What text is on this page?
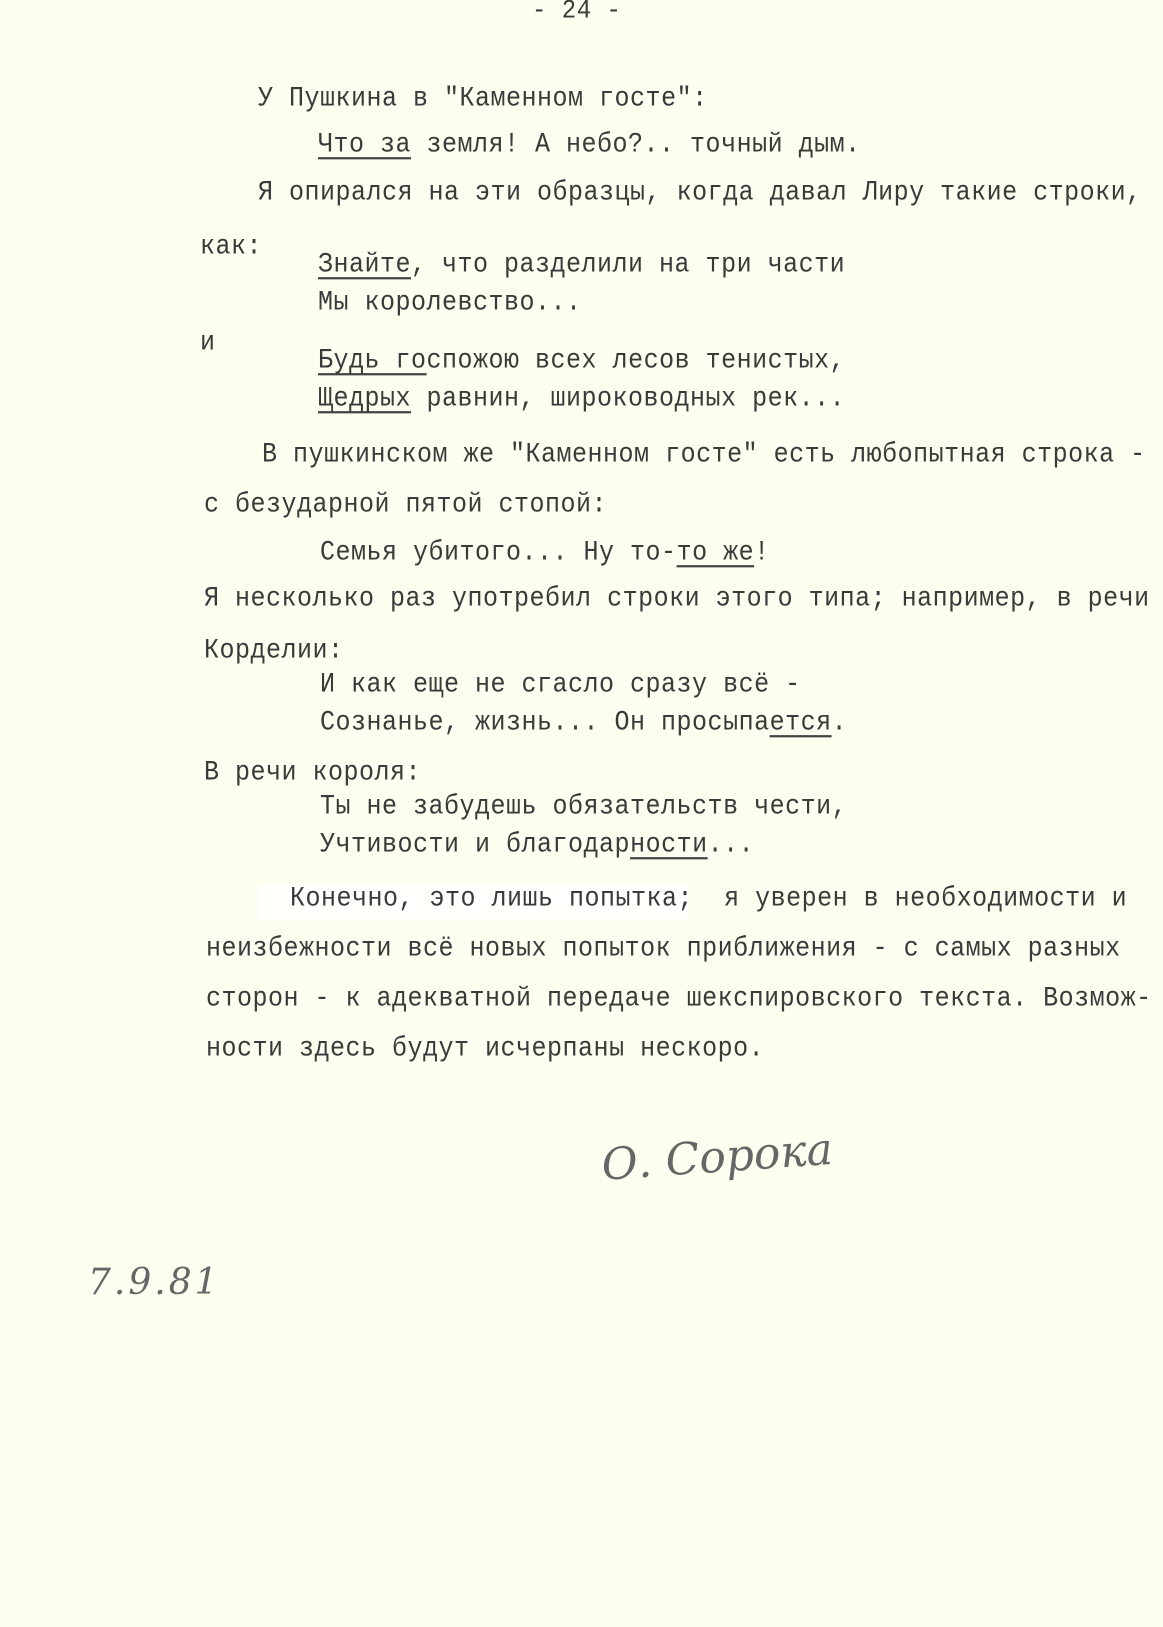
- 24 -
У Пушкина в "Каменном госте":
Что за земля! А небо?.. точный дым.
Я опирался на эти образцы, когда давал Лиру такие строки,
как:
Знайте, что разделили на три части
Мы королевство...
и
Будь госпожою всех лесов тенистых,
Щедрых равнин, широководных рек...
В пушкинском же "Каменном госте" есть любопытная строка -
с безударной пятой стопой:
Семья убитого... Ну то-то же!
Я несколько раз употребил строки этого типа; например, в речи
Корделии:
И как еще не сгасло сразу всё -
Сознанье, жизнь... Он просыпается.
В речи короля:
Ты не забудешь обязательств чести,
Учтивости и благодарности...
Конечно, это лишь попытка;  я уверен в необходимости и
неизбежности всё новых попыток приближения - с самых разных
сторон - к адекватной передаче шекспировского текста. Возмож-
ности здесь будут исчерпаны нескоро.
О. Сорока
7.9.81
